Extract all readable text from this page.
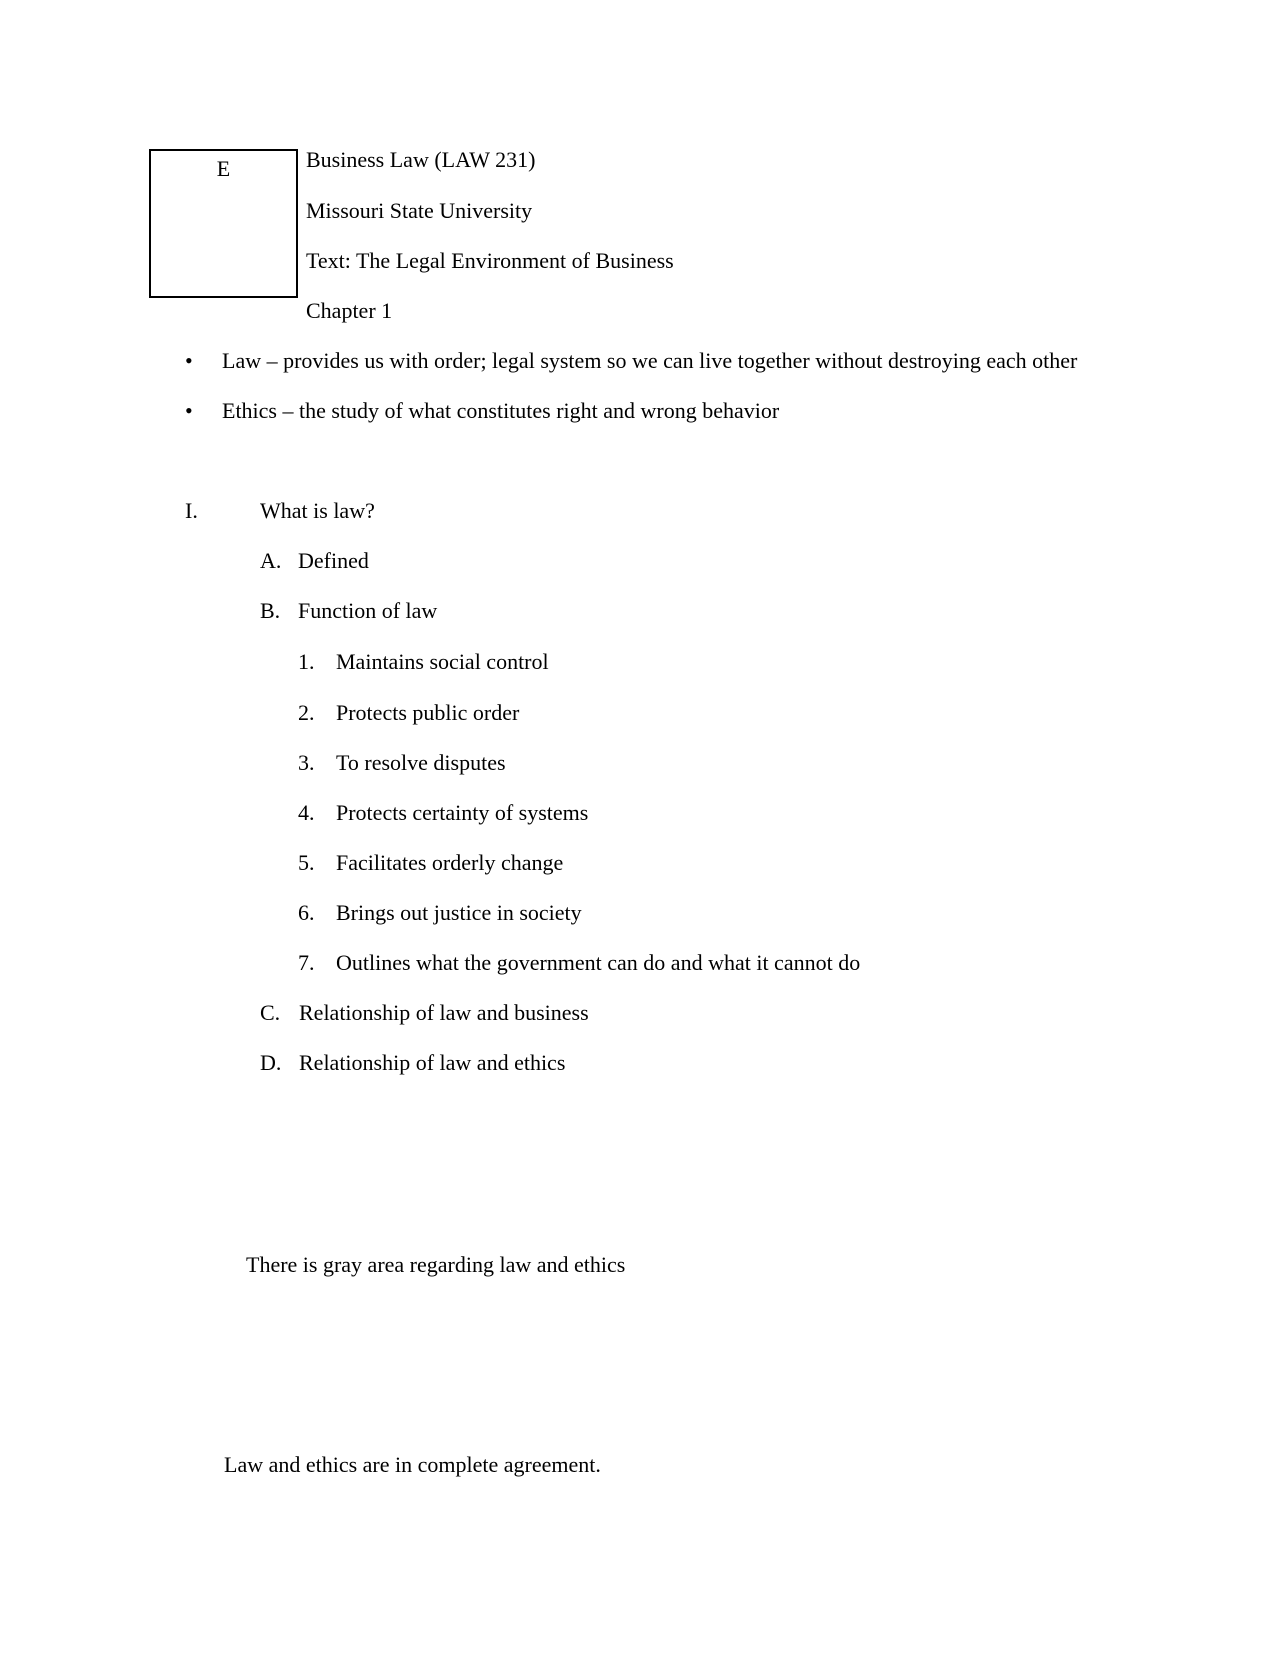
E	Business Law (LAW 231)
Missouri State University
Text: The Legal Environment of Business
Chapter 1
• Law – provides us with order; legal system so we can live together without destroying each other
• Ethics – the study of what constitutes right and wrong behavior
I.	What is law?
A. Defined
B. Function of law
1. Maintains social control
2. Protects public order
3. To resolve disputes
4. Protects certainty of systems
5. Facilitates orderly change
6. Brings out justice in society
7. Outlines what the government can do and what it cannot do
C. Relationship of law and business
D. Relationship of law and ethics
There is gray area regarding law and ethics
Law and ethics are in complete agreement.
